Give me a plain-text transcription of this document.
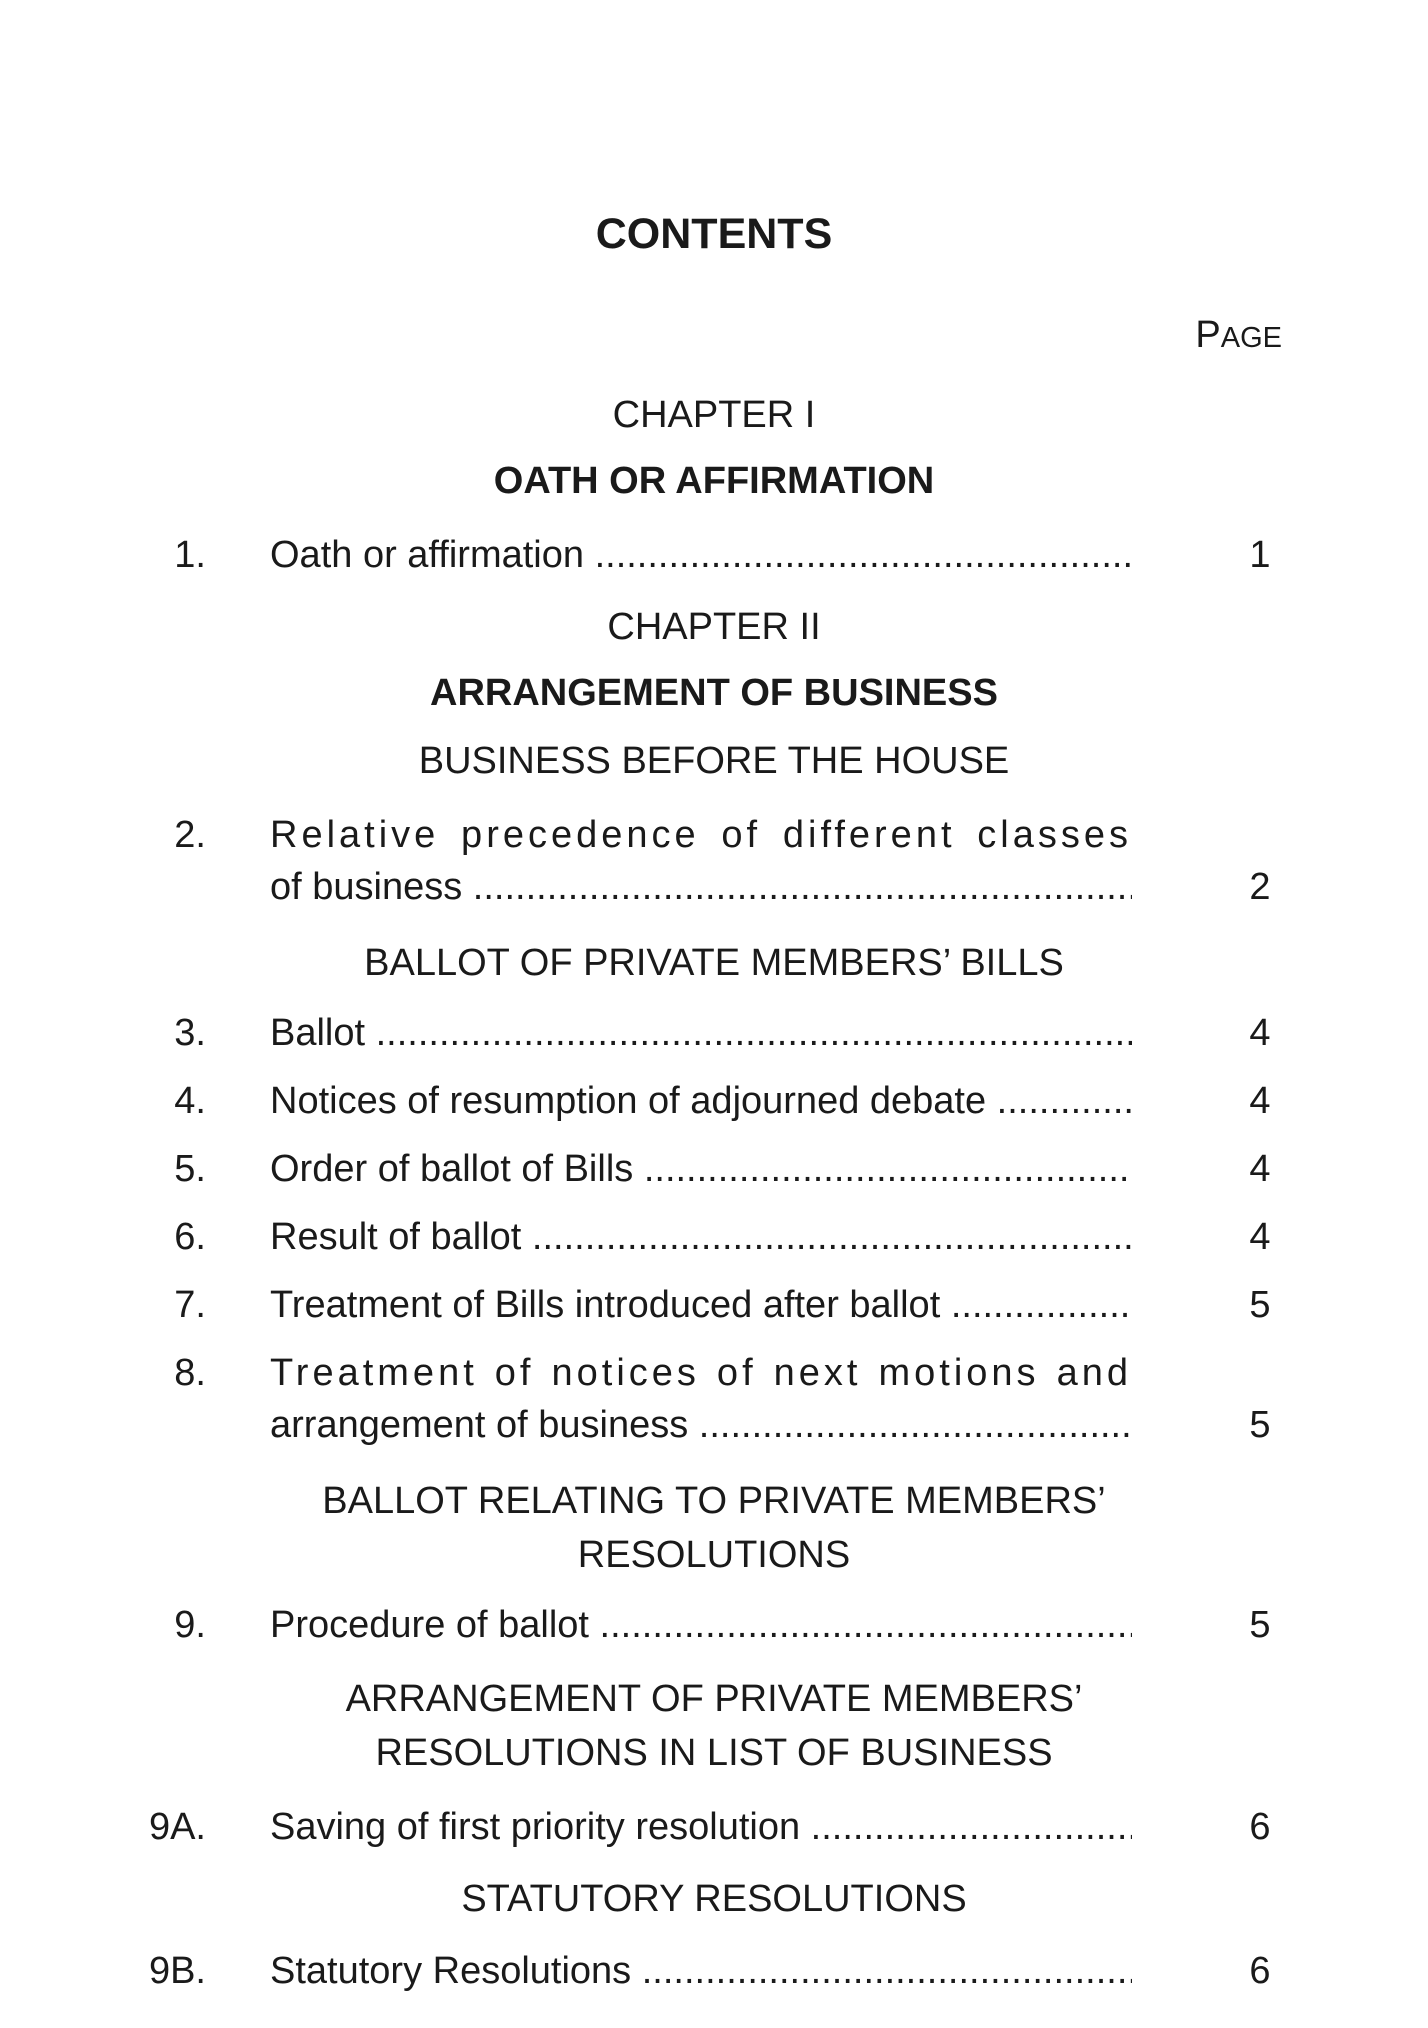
CONTENTS
PAGE
CHAPTER I
OATH OR AFFIRMATION
1. Oath or affirmation .....	1
CHAPTER II
ARRANGEMENT OF BUSINESS
BUSINESS BEFORE THE HOUSE
2. Relative precedence of different classes
of business .....	2
BALLOT OF PRIVATE MEMBERS’ BILLS
3. Ballot .....	4
4. Notices of resumption of adjourned debate .....	4
5. Order of ballot of Bills .....	4
6. Result of ballot .....	4
7. Treatment of Bills introduced after ballot .....	5
8. Treatment of notices of next motions and
arrangement of business .....	5
BALLOT RELATING TO PRIVATE MEMBERS’
RESOLUTIONS
9. Procedure of ballot .....	5
ARRANGEMENT OF PRIVATE MEMBERS’
RESOLUTIONS IN LIST OF BUSINESS
9A. Saving of first priority resolution .....	6
STATUTORY RESOLUTIONS
9B. Statutory Resolutions .....	6
